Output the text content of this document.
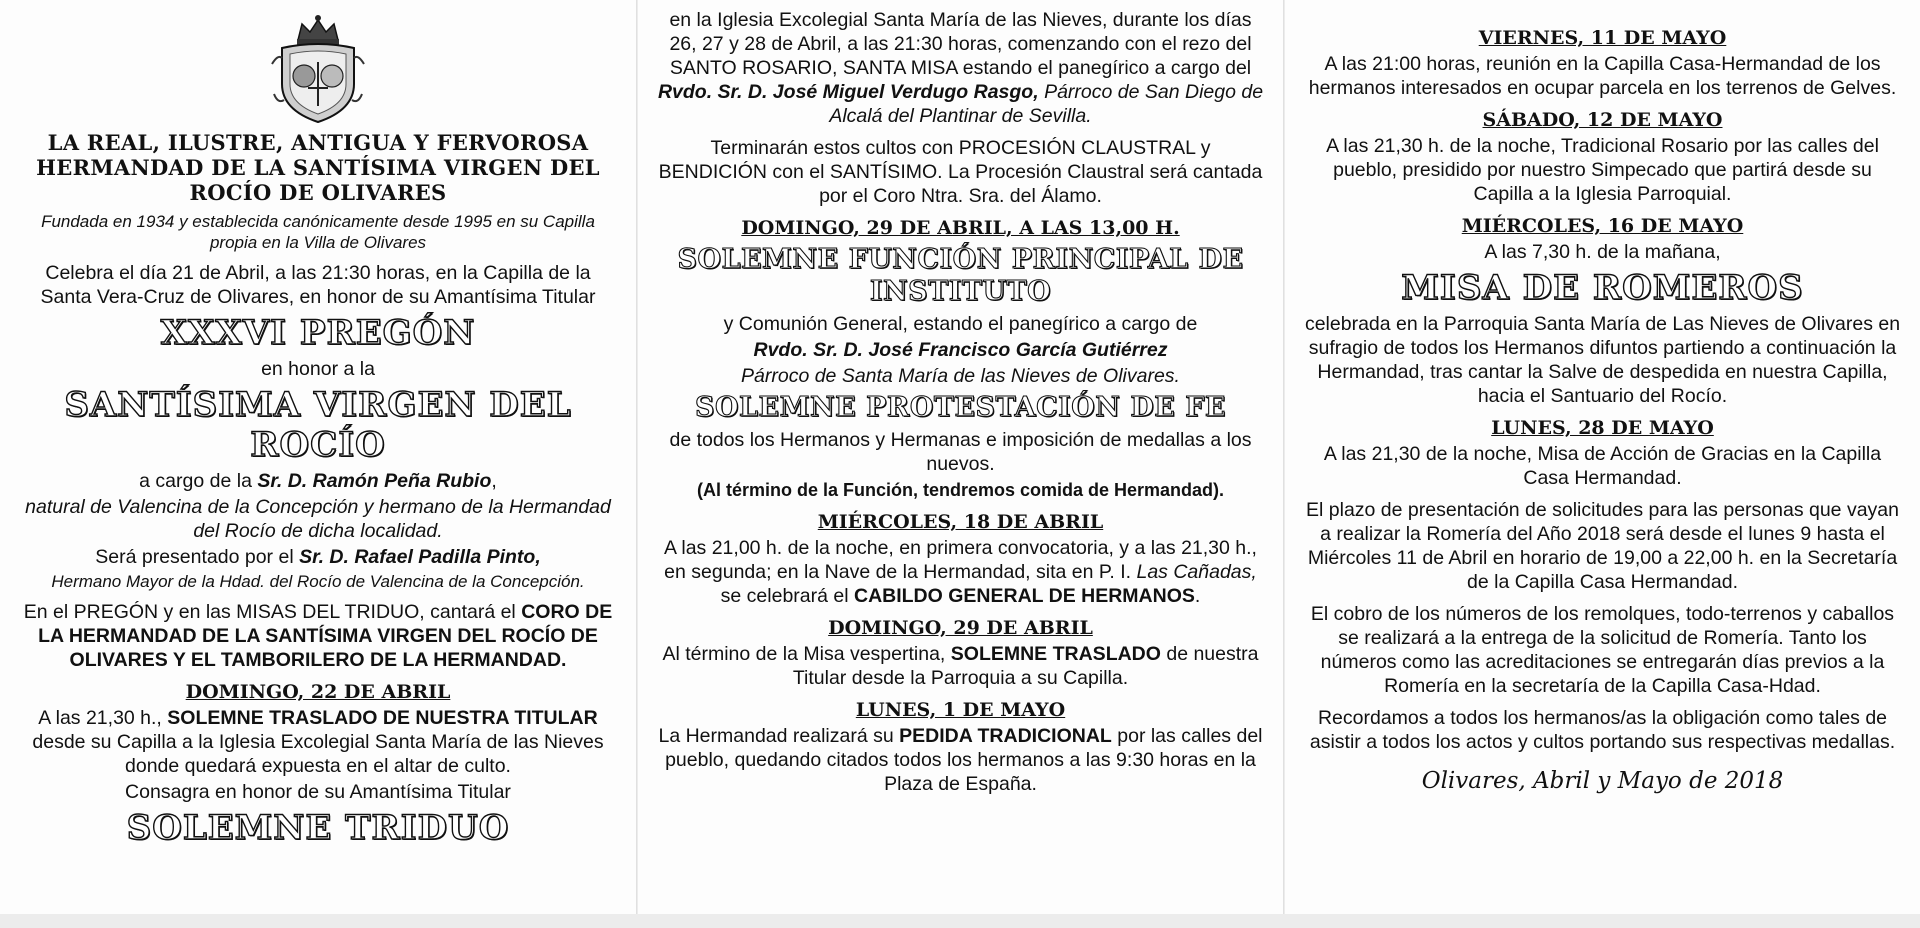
LA REAL, ILUSTRE, ANTIGUA Y FERVOROSA HERMANDAD DE LA SANTÍSIMA VIRGEN DEL ROCÍO DE OLIVARES

Fundada en 1934 y establecida canónicamente desde 1995 en su Capilla propia en la Villa de Olivares

Celebra el día 21 de Abril, a las 21:30 horas, en la Capilla de la Santa Vera-Cruz de Olivares, en honor de su Amantísima Titular

XXXVI PREGÓN

en honor a la

SANTÍSIMA VIRGEN DEL ROCÍO

a cargo de la Sr. D. Ramón Peña Rubio,

natural de Valencina de la Concepción y hermano de la Hermandad del Rocío de dicha localidad.

Será presentado por el Sr. D. Rafael Padilla Pinto,

Hermano Mayor de la Hdad. del Rocío de Valencina de la Concepción.

En el PREGÓN y en las MISAS DEL TRIDUO, cantará el CORO DE LA HERMANDAD DE LA SANTÍSIMA VIRGEN DEL ROCÍO DE OLIVARES Y EL TAMBORILERO DE LA HERMANDAD.

DOMINGO, 22 DE ABRIL

A las 21,30 h., SOLEMNE TRASLADO DE NUESTRA TITULAR desde su Capilla a la Iglesia Excolegial Santa María de las Nieves donde quedará expuesta en el altar de culto.

Consagra en honor de su Amantísima Titular

SOLEMNE TRIDUO

en la Iglesia Excolegial Santa María de las Nieves, durante los días 26, 27 y 28 de Abril, a las 21:30 horas, comenzando con el rezo del SANTO ROSARIO, SANTA MISA estando el panegírico a cargo del Rvdo. Sr. D. José Miguel Verdugo Rasgo, Párroco de San Diego de Alcalá del Plantinar de Sevilla.

Terminarán estos cultos con PROCESIÓN CLAUSTRAL y BENDICIÓN con el SANTÍSIMO. La Procesión Claustral será cantada por el Coro Ntra. Sra. del Álamo.

DOMINGO, 29 DE ABRIL, A LAS 13,00 H.
SOLEMNE FUNCIÓN PRINCIPAL DE INSTITUTO

y Comunión General, estando el panegírico a cargo de

Rvdo. Sr. D. José Francisco García Gutiérrez

Párroco de Santa María de las Nieves de Olivares.

SOLEMNE PROTESTACIÓN DE FE

de todos los Hermanos y Hermanas e imposición de medallas a los nuevos.

(Al término de la Función, tendremos comida de Hermandad).

MIÉRCOLES, 18 DE ABRIL

A las 21,00 h. de la noche, en primera convocatoria, y a las 21,30 h., en segunda; en la Nave de la Hermandad, sita en P. I. Las Cañadas, se celebrará el CABILDO GENERAL DE HERMANOS.

DOMINGO, 29 DE ABRIL

Al término de la Misa vespertina, SOLEMNE TRASLADO de nuestra Titular desde la Parroquia a su Capilla.

LUNES, 1 DE MAYO

La Hermandad realizará su PEDIDA TRADICIONAL por las calles del pueblo, quedando citados todos los hermanos a las 9:30 horas en la Plaza de España.

VIERNES, 11 DE MAYO

A las 21:00 horas, reunión en la Capilla Casa-Hermandad de los hermanos interesados en ocupar parcela en los terrenos de Gelves.

SÁBADO, 12 DE MAYO

A las 21,30 h. de la noche, Tradicional Rosario por las calles del pueblo, presidido por nuestro Simpecado que partirá desde su Capilla a la Iglesia Parroquial.

MIÉRCOLES, 16 DE MAYO

A las 7,30 h. de la mañana,

MISA DE ROMEROS

celebrada en la Parroquia Santa María de Las Nieves de Olivares en sufragio de todos los Hermanos difuntos partiendo a continuación la Hermandad, tras cantar la Salve de despedida en nuestra Capilla, hacia el Santuario del Rocío.

LUNES, 28 DE MAYO

A las 21,30 de la noche, Misa de Acción de Gracias en la Capilla Casa Hermandad.

El plazo de presentación de solicitudes para las personas que vayan a realizar la Romería del Año 2018 será desde el lunes 9 hasta el Miércoles 11 de Abril en horario de 19,00 a 22,00 h. en la Secretaría de la Capilla Casa Hermandad.

El cobro de los números de los remolques, todo-terrenos y caballos se realizará a la entrega de la solicitud de Romería. Tanto los números como las acreditaciones se entregarán días previos a la Romería en la secretaría de la Capilla Casa-Hdad.

Recordamos a todos los hermanos/as la obligación como tales de asistir a todos los actos y cultos portando sus respectivas medallas.

Olivares, Abril y Mayo de 2018
